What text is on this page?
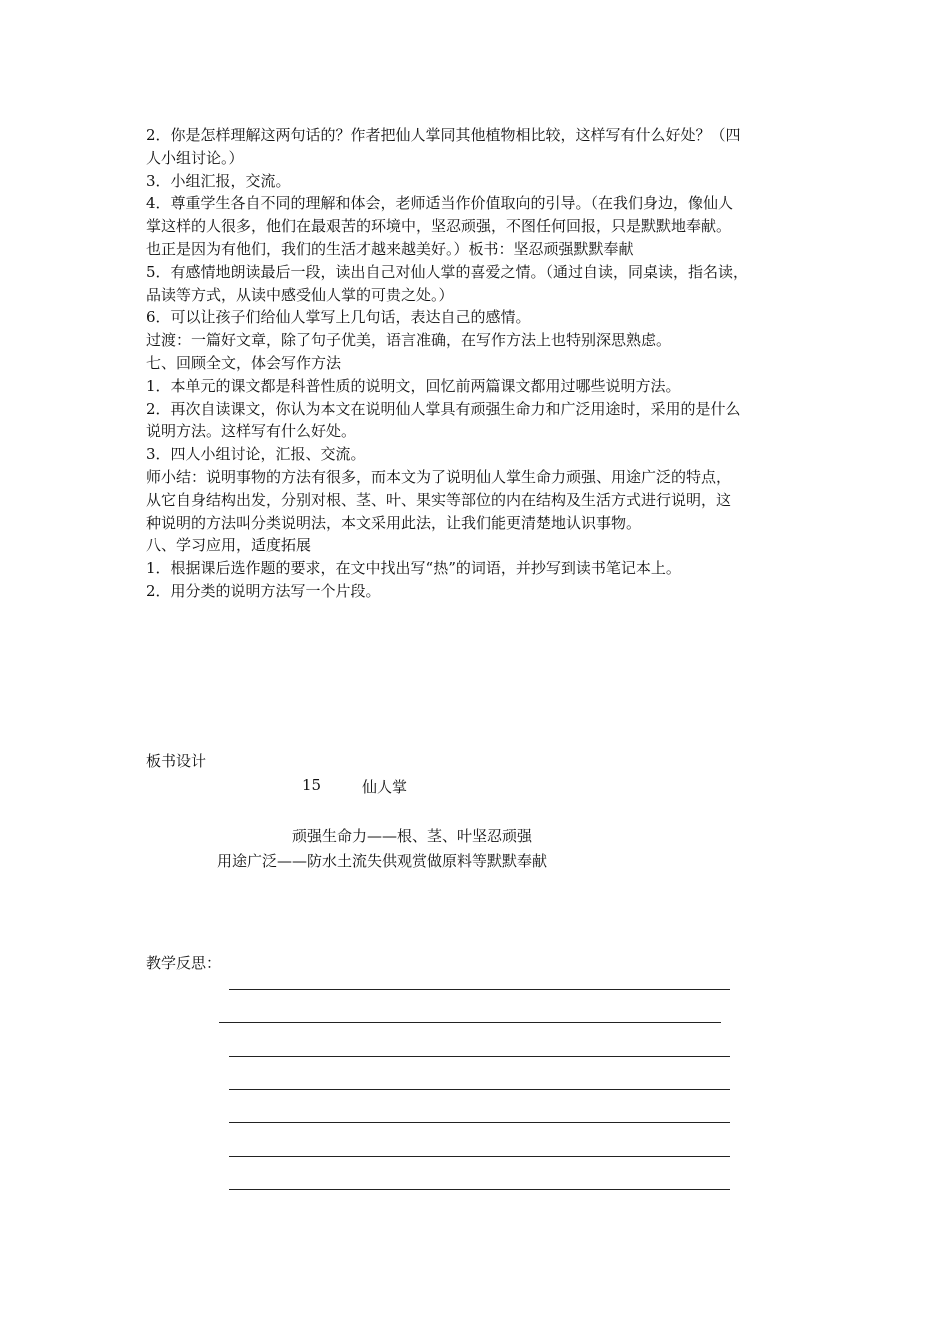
2．你是怎样理解这两句话的？作者把仙人掌同其他植物相比较，这样写有什么好处？（四

人小组讨论。）

3．小组汇报，交流。

4．尊重学生各自不同的理解和体会，老师适当作价值取向的引导。（在我们身边，像仙人

掌这样的人很多，他们在最艰苦的环境中，坚忍顽强，不图任何回报，只是默默地奉献。

也正是因为有他们，我们的生活才越来越美好。）板书：坚忍顽强默默奉献

5．有感情地朗读最后一段，读出自己对仙人掌的喜爱之情。（通过自读，同桌读，指名读，

品读等方式，从读中感受仙人掌的可贵之处。）

6．可以让孩子们给仙人掌写上几句话，表达自己的感情。

过渡：一篇好文章，除了句子优美，语言准确，在写作方法上也特别深思熟虑。

七、回顾全文，体会写作方法

1．本单元的课文都是科普性质的说明文，回忆前两篇课文都用过哪些说明方法。

2．再次自读课文，你认为本文在说明仙人掌具有顽强生命力和广泛用途时，采用的是什么

说明方法。这样写有什么好处。

3．四人小组讨论，汇报、交流。

师小结：说明事物的方法有很多，而本文为了说明仙人掌生命力顽强、用途广泛的特点，

从它自身结构出发，分别对根、茎、叶、果实等部位的内在结构及生活方式进行说明，这

种说明的方法叫分类说明法，本文采用此法，让我们能更清楚地认识事物。

八、学习应用，适度拓展

1．根据课后选作题的要求，在文中找出写“热”的词语，并抄写到读书笔记本上。

2．用分类的说明方法写一个片段。

板书设计

15	仙人掌

顽强生命力——根、茎、叶坚忍顽强

用途广泛——防水土流失供观赏做原料等默默奉献

教学反思：
